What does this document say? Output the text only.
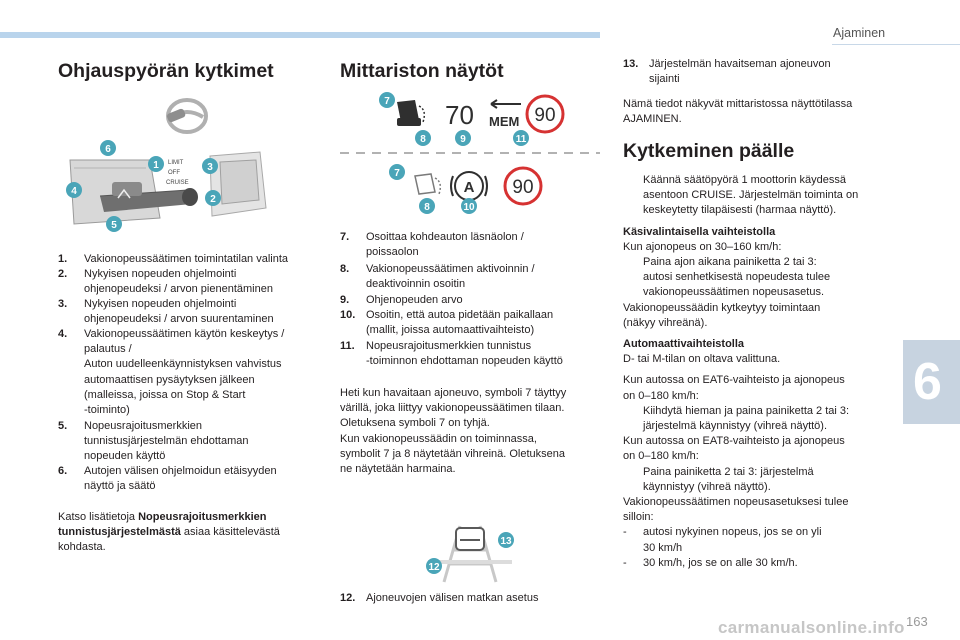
Ajaminen
6
Ohjauspyörän kytkimet
LIMIT
OFF
CRUISE
6
1	3
2
4
5
1. Vakionopeussäätimen toimintatilan valinta
2. Nykyisen nopeuden ohjelmointi
ohjenopeudeksi / arvon pienentäminen
3. Nykyisen nopeuden ohjelmointi
ohjenopeudeksi / arvon suurentaminen
4. Vakionopeussäätimen käytön keskeytys /
palautus /
Auton uudelleenkäynnistyksen vahvistus
automaattisen pysäytyksen jälkeen
(malleissa, joissa on Stop & Start
-toiminto)
5. Nopeusrajoitusmerkkien
tunnistusjärjestelmän ehdottaman
nopeuden käyttö
6. Autojen välisen ohjelmoidun etäisyyden
näyttö ja säätö
Katso lisätietoja Nopeusrajoitusmerkkien
tunnistusjärjestelmästä asiaa käsittelevästä
kohdasta.
Mittariston näytöt
70 MEM 90
7
8	9	11
A 90
7
8	10
7. Osoittaa kohdeauton läsnäolon /
poissaolon
8. Vakionopeussäätimen aktivoinnin /
deaktivoinnin osoitin
9. Ohjenopeuden arvo
10. Osoitin, että autoa pidetään paikallaan
(mallit, joissa automaattivaihteisto)
11. Nopeusrajoitusmerkkien tunnistus
-toiminnon ehdottaman nopeuden käyttö
Heti kun havaitaan ajoneuvo, symboli 7 täyttyy
värillä, joka liittyy vakionopeussäätimen tilaan.
Oletuksena symboli 7 on tyhjä.
Kun vakionopeussäädin on toiminnassa,
symbolit 7 ja 8 näytetään vihreinä. Oletuksena
ne näytetään harmaina.
13
12
12. Ajoneuvojen välisen matkan asetus
13. Järjestelmän havaitseman ajoneuvon
sijainti
Nämä tiedot näkyvät mittaristossa näyttötilassa
AJAMINEN.
Kytkeminen päälle
Käännä säätöpyörä 1 moottorin käydessä
asentoon CRUISE. Järjestelmän toiminta on
keskeytetty tilapäisesti (harmaa näyttö).
Käsivalintaisella vaihteistolla
Kun ajonopeus on 30–160 km/h:
Paina ajon aikana painiketta 2 tai 3:
autosi senhetkisestä nopeudesta tulee
vakionopeussäätimen nopeusasetus.
Vakionopeussäädin kytkeytyy toimintaan
(näkyy vihreänä).
Automaattivaihteistolla
D- tai M-tilan on oltava valittuna.
Kun autossa on EAT6-vaihteisto ja ajonopeus
on 0–180 km/h:
Kiihdytä hieman ja paina painiketta 2 tai 3:
järjestelmä käynnistyy (vihreä näyttö).
Kun autossa on EAT8-vaihteisto ja ajonopeus
on 0–180 km/h:
Paina painiketta 2 tai 3: järjestelmä
käynnistyy (vihreä näyttö).
Vakionopeussäätimen nopeusasetuksesi tulee
silloin:
- autosi nykyinen nopeus, jos se on yli
30 km/h
- 30 km/h, jos se on alle 30 km/h.
carmanualsonline.info 163
